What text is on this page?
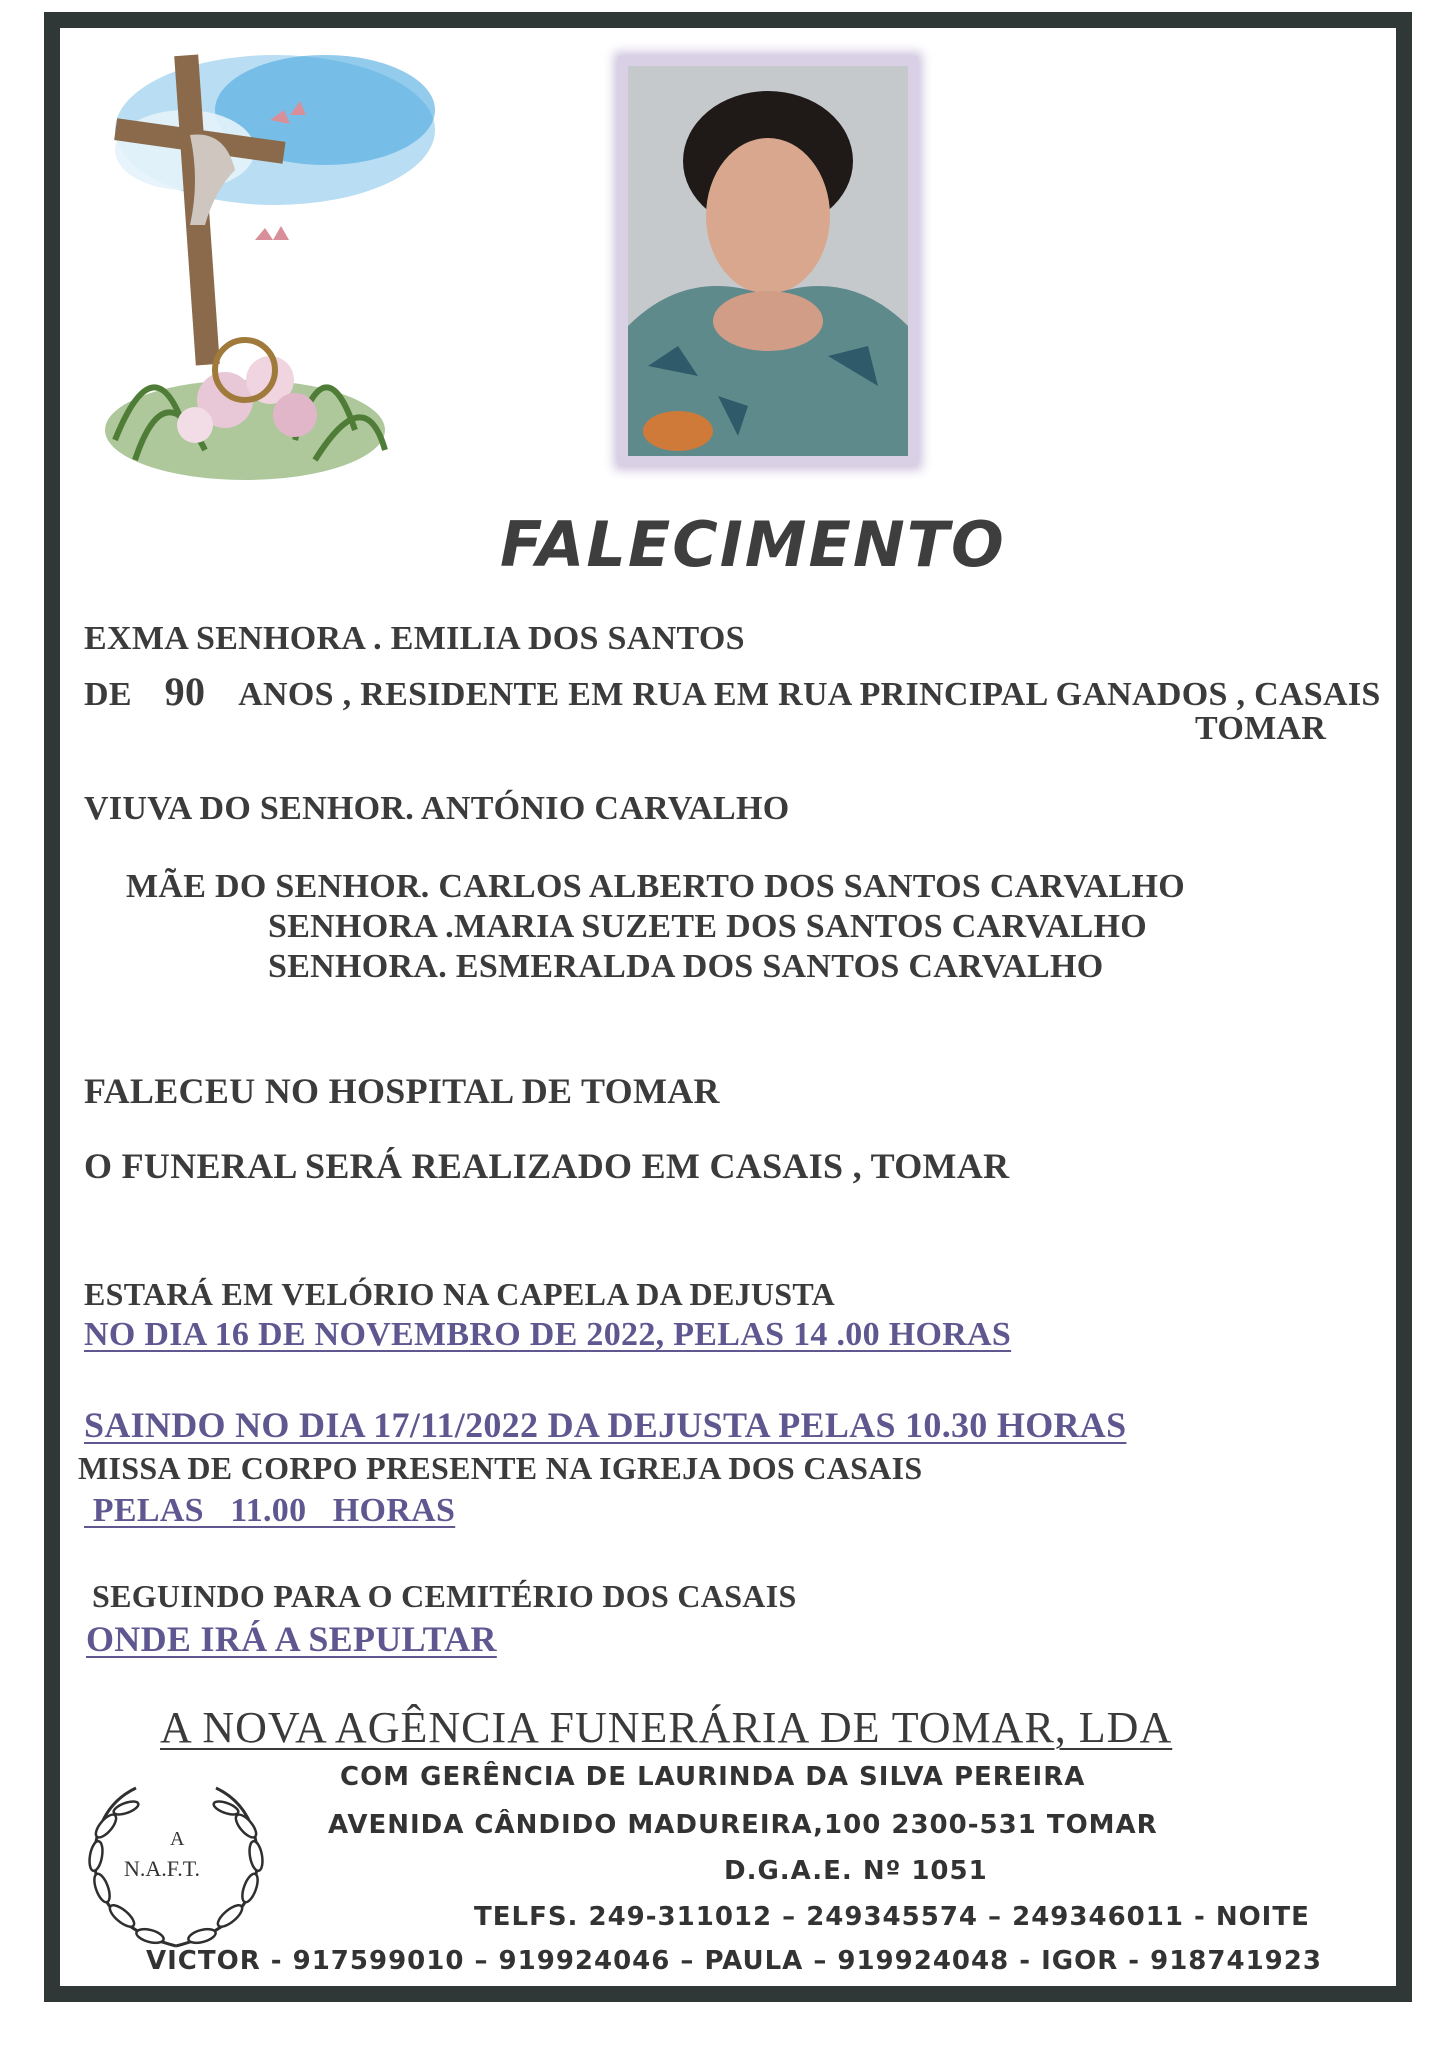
FALECIMENTO
EXMA SENHORA . EMILIA DOS SANTOS
DE 90 ANOS , RESIDENTE EM RUA EM RUA PRINCIPAL GANADOS , CASAIS
TOMAR
VIUVA DO SENHOR. ANTÓNIO CARVALHO
MÃE DO SENHOR. CARLOS ALBERTO DOS SANTOS CARVALHO
SENHORA .MARIA SUZETE DOS SANTOS CARVALHO
SENHORA. ESMERALDA DOS SANTOS CARVALHO
FALECEU NO HOSPITAL DE TOMAR
O FUNERAL SERÁ REALIZADO EM CASAIS , TOMAR
ESTARÁ EM VELÓRIO NA CAPELA DA DEJUSTA
NO DIA 16 DE NOVEMBRO DE 2022, PELAS 14 .00 HORAS
SAINDO NO DIA 17/11/2022 DA DEJUSTA PELAS 10.30 HORAS
MISSA DE CORPO PRESENTE NA IGREJA DOS CASAIS
PELAS   11.00   HORAS
SEGUINDO PARA O CEMITÉRIO DOS CASAIS
ONDE IRÁ A SEPULTAR
A NOVA AGÊNCIA FUNERÁRIA DE TOMAR, LDA
COM GERÊNCIA DE LAURINDA DA SILVA PEREIRA
AVENIDA CÂNDIDO MADUREIRA,100 2300-531 TOMAR
D.G.A.E. Nº 1051
TELFS. 249-311012 – 249345574 – 249346011 - NOITE
VICTOR - 917599010 – 919924046 – PAULA – 919924048 - IGOR - 918741923
A
N.A.F.T.
